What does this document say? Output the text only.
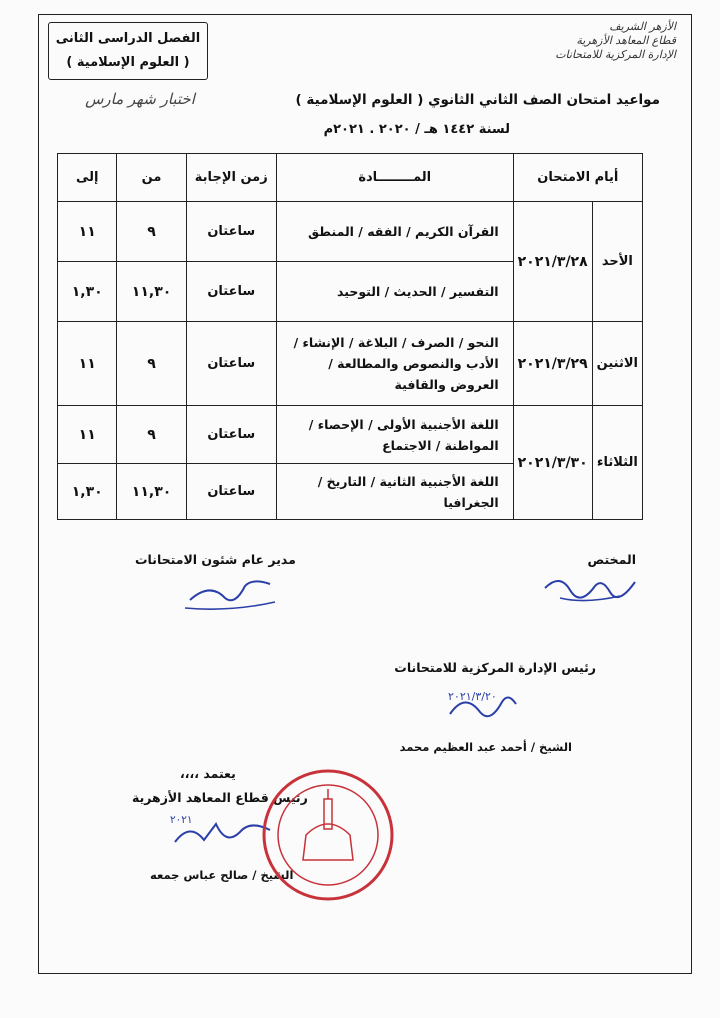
الفصل الدراسى الثانى
( العلوم الإسلامية )
الأزهر الشريف
قطاع المعاهد الأزهرية
الإدارة المركزية للامتحانات
مواعيد امتحان الصف الثاني الثانوي ( العلوم الإسلامية )
اختبار شهر مارس
لسنة ١٤٤٢ هـ / ٢٠٢٠ . ٢٠٢١م
أيام الامتحان		المــــــــادة	زمن الإجابة	من	إلى
الأحد	٢٠٢١/٣/٢٨	القرآن الكريم / الفقه / المنطق	ساعتان	٩	١١
		التفسير / الحديث / التوحيد	ساعتان	١١,٣٠	١,٣٠
الاثنين	٢٠٢١/٣/٢٩	النحو / الصرف / البلاغة / الإنشاء / الأدب والنصوص والمطالعة / العروض والقافية	ساعتان	٩	١١
الثلاثاء	٢٠٢١/٣/٣٠	اللغة الأجنبية الأولى / الإحصاء / المواطنة / الاجتماع	ساعتان	٩	١١
		اللغة الأجنبية الثانية / التاريخ / الجغرافيا	ساعتان	١١,٣٠	١,٣٠
المختص
مدير عام شئون الامتحانات
رئيس الإدارة المركزية للامتحانات
٢٠٢١/٣/٢٠
الشيخ / أحمد عبد العظيم محمد
يعتمد ،،،،
رئيس قطاع المعاهد الأزهرية
٢٠٢١
الشيخ / صالح عباس جمعه
